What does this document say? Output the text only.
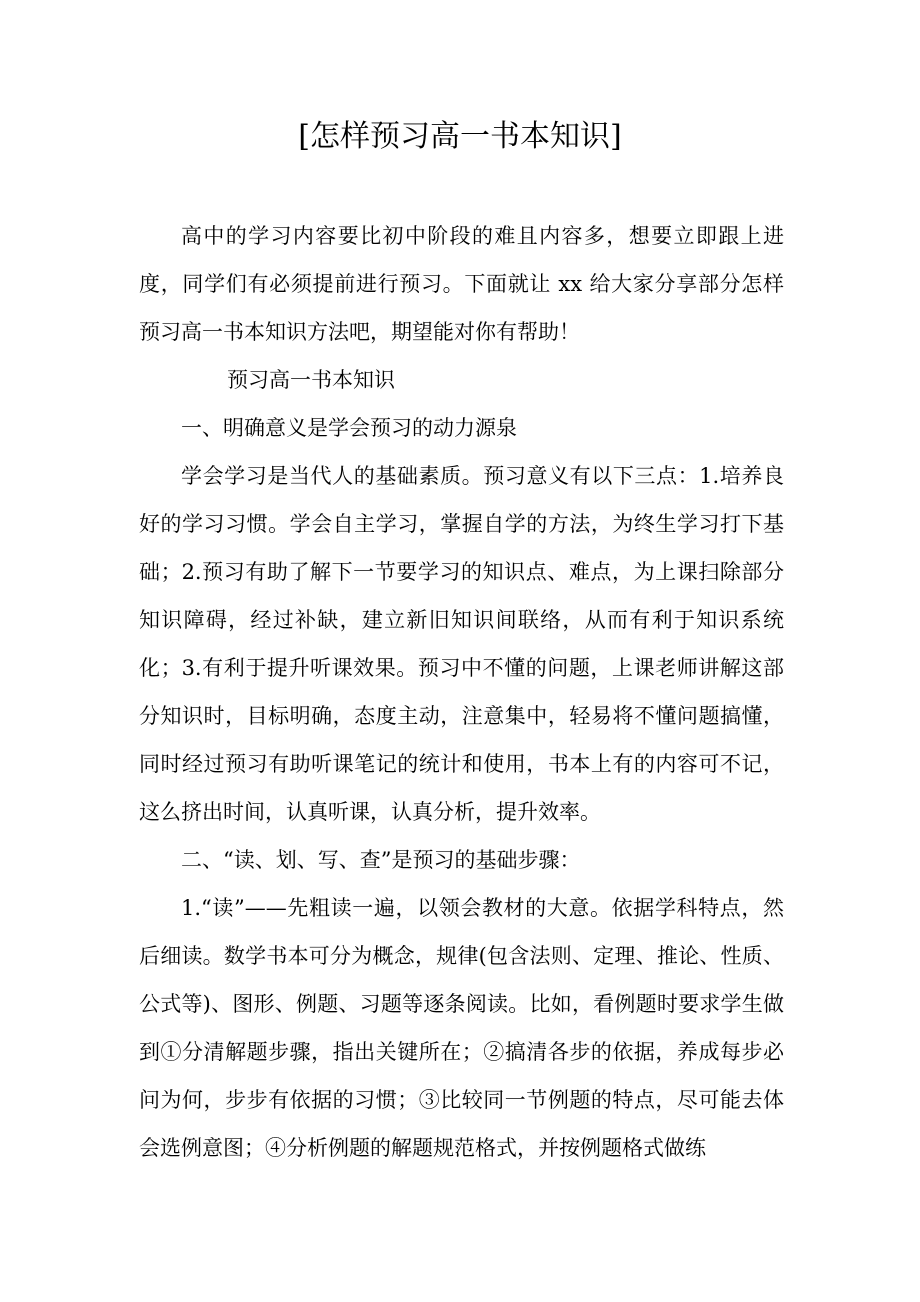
[怎样预习高一书本知识]

高中的学习内容要比初中阶段的难且内容多，想要立即跟上进度，同学们有必须提前进行预习。下面就让 xx 给大家分享部分怎样预习高一书本知识方法吧，期望能对你有帮助！

预习高一书本知识

一、明确意义是学会预习的动力源泉

学会学习是当代人的基础素质。预习意义有以下三点：1.培养良好的学习习惯。学会自主学习，掌握自学的方法，为终生学习打下基础；2.预习有助了解下一节要学习的知识点、难点，为上课扫除部分知识障碍，经过补缺，建立新旧知识间联络，从而有利于知识系统化；3.有利于提升听课效果。预习中不懂的问题，上课老师讲解这部分知识时，目标明确，态度主动，注意集中，轻易将不懂问题搞懂，同时经过预习有助听课笔记的统计和使用，书本上有的内容可不记，这么挤出时间，认真听课，认真分析，提升效率。

二、“读、划、写、查”是预习的基础步骤：

1.“读”——先粗读一遍，以领会教材的大意。依据学科特点，然后细读。数学书本可分为概念，规律(包含法则、定理、推论、性质、公式等)、图形、例题、习题等逐条阅读。比如，看例题时要求学生做到①分清解题步骤，指出关键所在；②搞清各步的依据，养成每步必问为何，步步有依据的习惯；③比较同一节例题的特点，尽可能去体会选例意图；④分析例题的解题规范格式，并按例题格式做练
